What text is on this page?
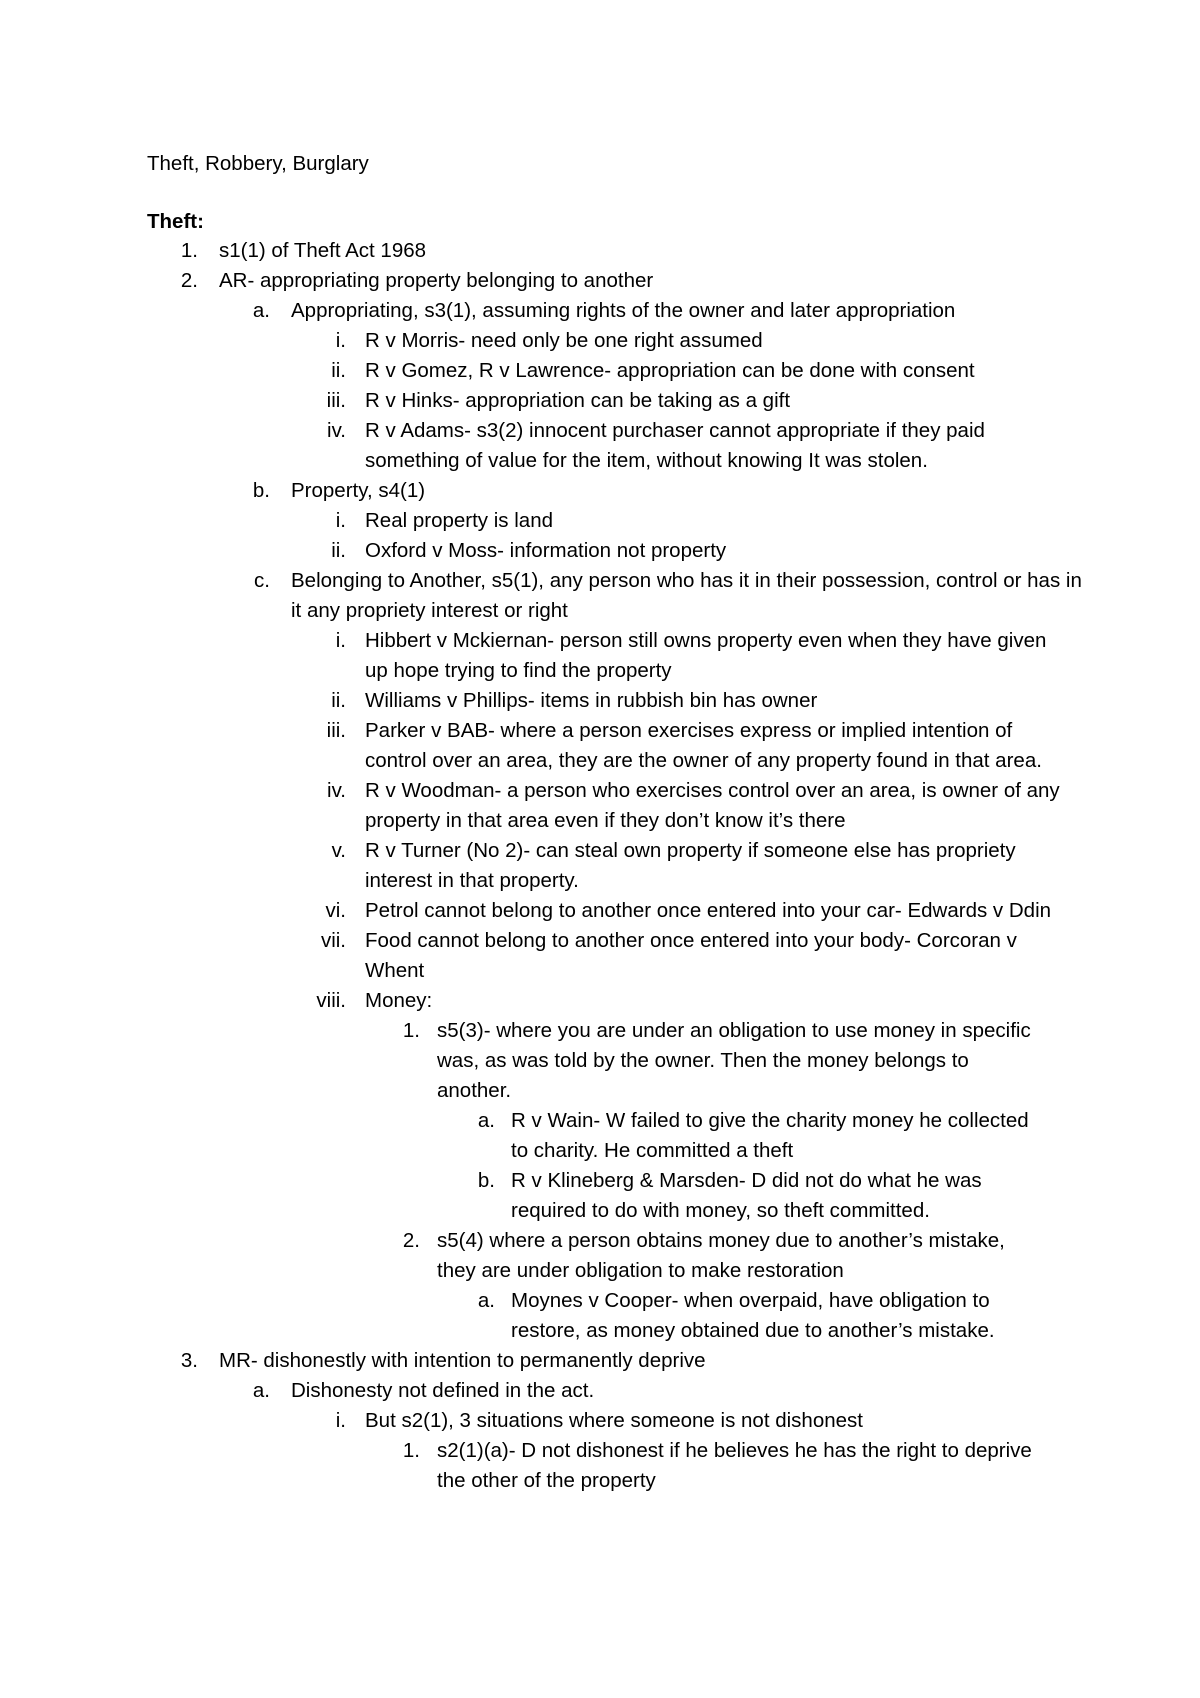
Theft, Robbery, Burglary
Theft:
1. s1(1) of Theft Act 1968
2. AR- appropriating property belonging to another
a. Appropriating, s3(1), assuming rights of the owner and later appropriation
i. R v Morris- need only be one right assumed
ii. R v Gomez, R v Lawrence- appropriation can be done with consent
iii. R v Hinks- appropriation can be taking as a gift
iv. R v Adams- s3(2) innocent purchaser cannot appropriate if they paid something of value for the item, without knowing It was stolen.
b. Property, s4(1)
i. Real property is land
ii. Oxford v Moss- information not property
c. Belonging to Another, s5(1), any person who has it in their possession, control or has in it any propriety interest or right
i. Hibbert v Mckiernan- person still owns property even when they have given up hope trying to find the property
ii. Williams v Phillips- items in rubbish bin has owner
iii. Parker v BAB- where a person exercises express or implied intention of control over an area, they are the owner of any property found in that area.
iv. R v Woodman- a person who exercises control over an area, is owner of any property in that area even if they don’t know it’s there
v. R v Turner (No 2)- can steal own property if someone else has propriety interest in that property.
vi. Petrol cannot belong to another once entered into your car- Edwards v Ddin
vii. Food cannot belong to another once entered into your body- Corcoran v Whent
viii. Money:
1. s5(3)- where you are under an obligation to use money in specific was, as was told by the owner. Then the money belongs to another.
a. R v Wain- W failed to give the charity money he collected to charity. He committed a theft
b. R v Klineberg & Marsden- D did not do what he was required to do with money, so theft committed.
2. s5(4) where a person obtains money due to another’s mistake, they are under obligation to make restoration
a. Moynes v Cooper- when overpaid, have obligation to restore, as money obtained due to another’s mistake.
3. MR- dishonestly with intention to permanently deprive
a. Dishonesty not defined in the act.
i. But s2(1), 3 situations where someone is not dishonest
1. s2(1)(a)- D not dishonest if he believes he has the right to deprive the other of the property
